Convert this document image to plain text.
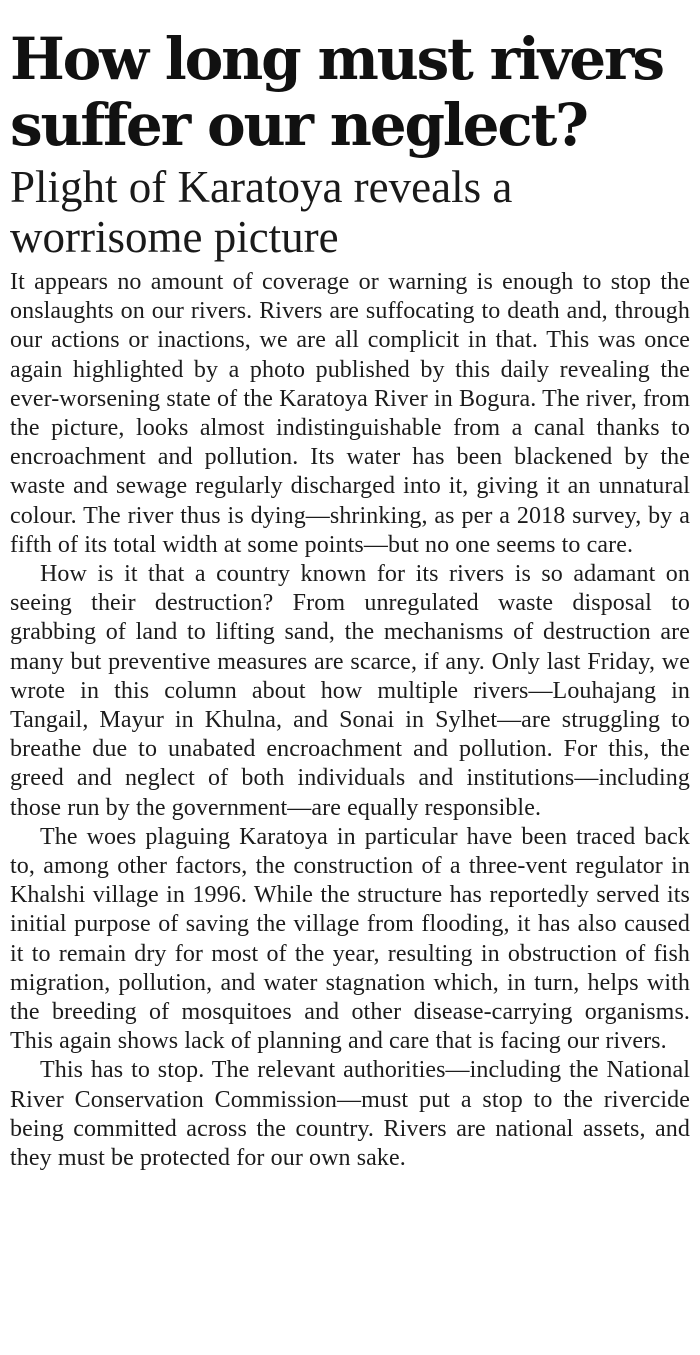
How long must rivers suffer our neglect?
Plight of Karatoya reveals a worrisome picture

It appears no amount of coverage or warning is enough to stop the onslaughts on our rivers. Rivers are suffocating to death and, through our actions or inactions, we are all complicit in that. This was once again highlighted by a photo published by this daily revealing the ever-worsening state of the Karatoya River in Bogura. The river, from the picture, looks almost indistinguishable from a canal thanks to encroachment and pollution. Its water has been blackened by the waste and sewage regularly discharged into it, giving it an unnatural colour. The river thus is dying—shrinking, as per a 2018 survey, by a fifth of its total width at some points—but no one seems to care.

How is it that a country known for its rivers is so adamant on seeing their destruction? From unregulated waste disposal to grabbing of land to lifting sand, the mechanisms of destruction are many but preventive measures are scarce, if any. Only last Friday, we wrote in this column about how multiple rivers—Louhajang in Tangail, Mayur in Khulna, and Sonai in Sylhet—are struggling to breathe due to unabated encroachment and pollution. For this, the greed and neglect of both individuals and institutions—including those run by the government—are equally responsible.

The woes plaguing Karatoya in particular have been traced back to, among other factors, the construction of a three-vent regulator in Khalshi village in 1996. While the structure has reportedly served its initial purpose of saving the village from flooding, it has also caused it to remain dry for most of the year, resulting in obstruction of fish migration, pollution, and water stagnation which, in turn, helps with the breeding of mosquitoes and other disease-carrying organisms. This again shows lack of planning and care that is facing our rivers.

This has to stop. The relevant authorities—including the National River Conservation Commission—must put a stop to the rivercide being committed across the country. Rivers are national assets, and they must be protected for our own sake.
